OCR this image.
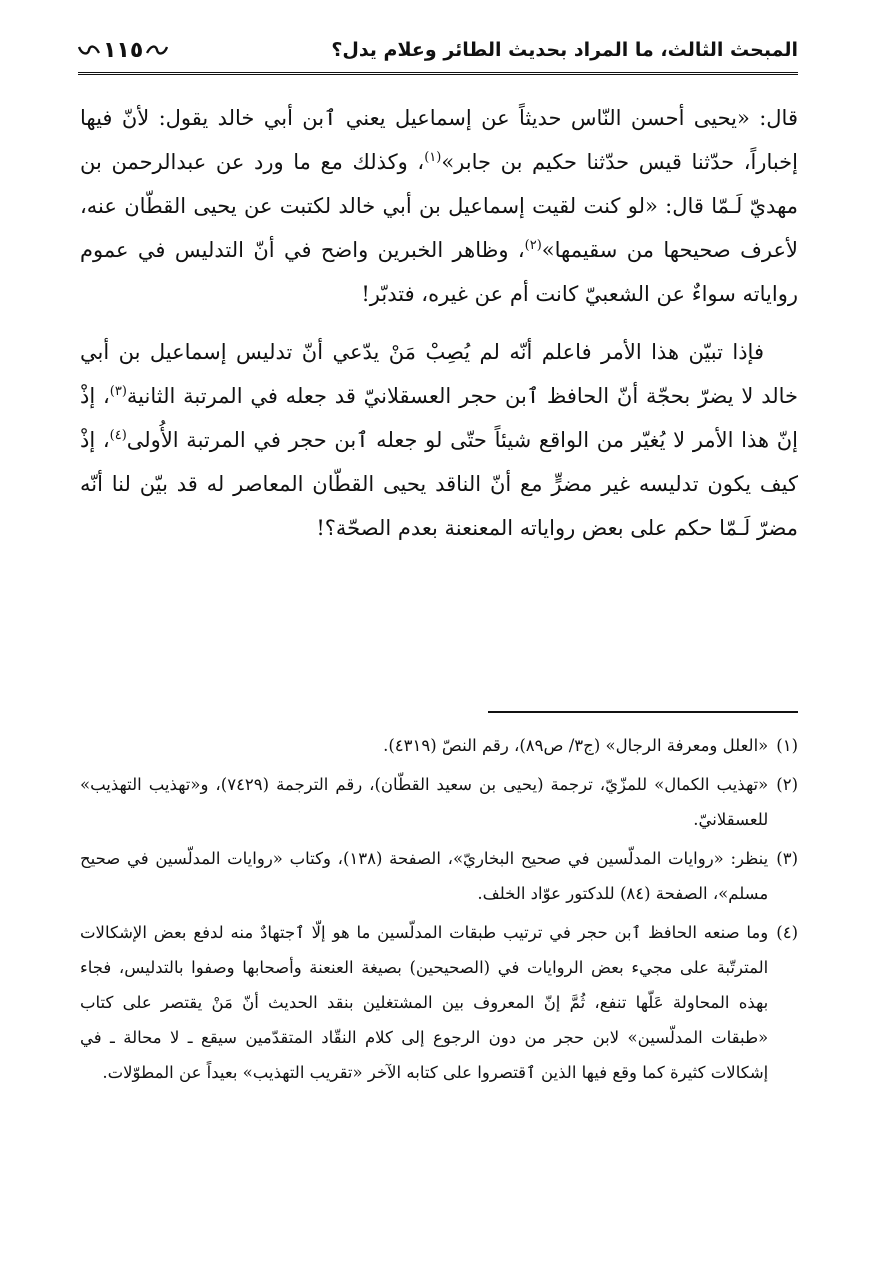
المبحث الثالث، ما المراد بحديث الطائر وعلام يدل؟
١١٥

قال: «يحيى أحسن النّاس حديثاً عن إسماعيل يعني ٱبن أبي خالد يقول: لأنّ فيها إخباراً، حدّثنا قيس حدّثنا حكيم بن جابر»$^{(١)}$، وكذلك مع ما ورد عن عبدالرحمن بن مهديّ لَـمّا قال: «لو كنت لقيت إسماعيل بن أبي خالد لكتبت عن يحيى القطّان عنه، لأعرف صحيحها من سقيمها»$^{(٢)}$، وظاهر الخبرين واضح في أنّ التدليس في عموم رواياته سواءٌ عن الشعبيّ كانت أم عن غيره، فتدبّر!

فإذا تبيّن هذا الأمر فاعلم أنّه لم يُصِبْ مَنْ يدّعي أنّ تدليس إسماعيل بن أبي خالد لا يضرّ بحجّة أنّ الحافظ ٱبن حجر العسقلانيّ قد جعله في المرتبة الثانية$^{(٣)}$، إذْ إنّ هذا الأمر لا يُغيّر من الواقع شيئاً حتّى لو جعله ٱبن حجر في المرتبة الأُولى$^{(٤)}$، إذْ كيف يكون تدليسه غير مضرٍّ مع أنّ الناقد يحيى القطّان المعاصر له قد بيّن لنا أنّه مضرّ لَـمّا حكم على بعض رواياته المعنعنة بعدم الصحّة؟!

(١)
«العلل ومعرفة الرجال» (ج٣/ ص٨٩)، رقم النصّ (٤٣١٩).
(٢)
«تهذيب الكمال» للمزّيّ، ترجمة (يحيى بن سعيد القطّان)، رقم الترجمة (٧٤٢٩)، و«تهذيب التهذيب» للعسقلانيّ.
(٣)
ينظر: «روايات المدلّسين في صحيح البخاريّ»، الصفحة (١٣٨)، وكتاب «روايات المدلّسين في صحيح مسلم»، الصفحة (٨٤) للدكتور عوّاد الخلف.
(٤)
وما صنعه الحافظ ٱبن حجر في ترتيب طبقات المدلّسين ما هو إلّا ٱجتهادٌ منه لدفع بعض الإشكالات المترتّبة على مجيء بعض الروايات في (الصحيحين) بصيغة العنعنة وأصحابها وصفوا بالتدليس، فجاء بهذه المحاولة عَلّها تنفع، ثُمَّ إنّ المعروف بين المشتغلين بنقد الحديث أنّ مَنْ يقتصر على كتاب «طبقات المدلّسين» لابن حجر من دون الرجوع إلى كلام النقّاد المتقدّمين سيقع ـ لا محالة ـ في إشكالات كثيرة كما وقع فيها الذين ٱقتصروا على كتابه الآخر «تقريب التهذيب» بعيداً عن المطوّلات.
